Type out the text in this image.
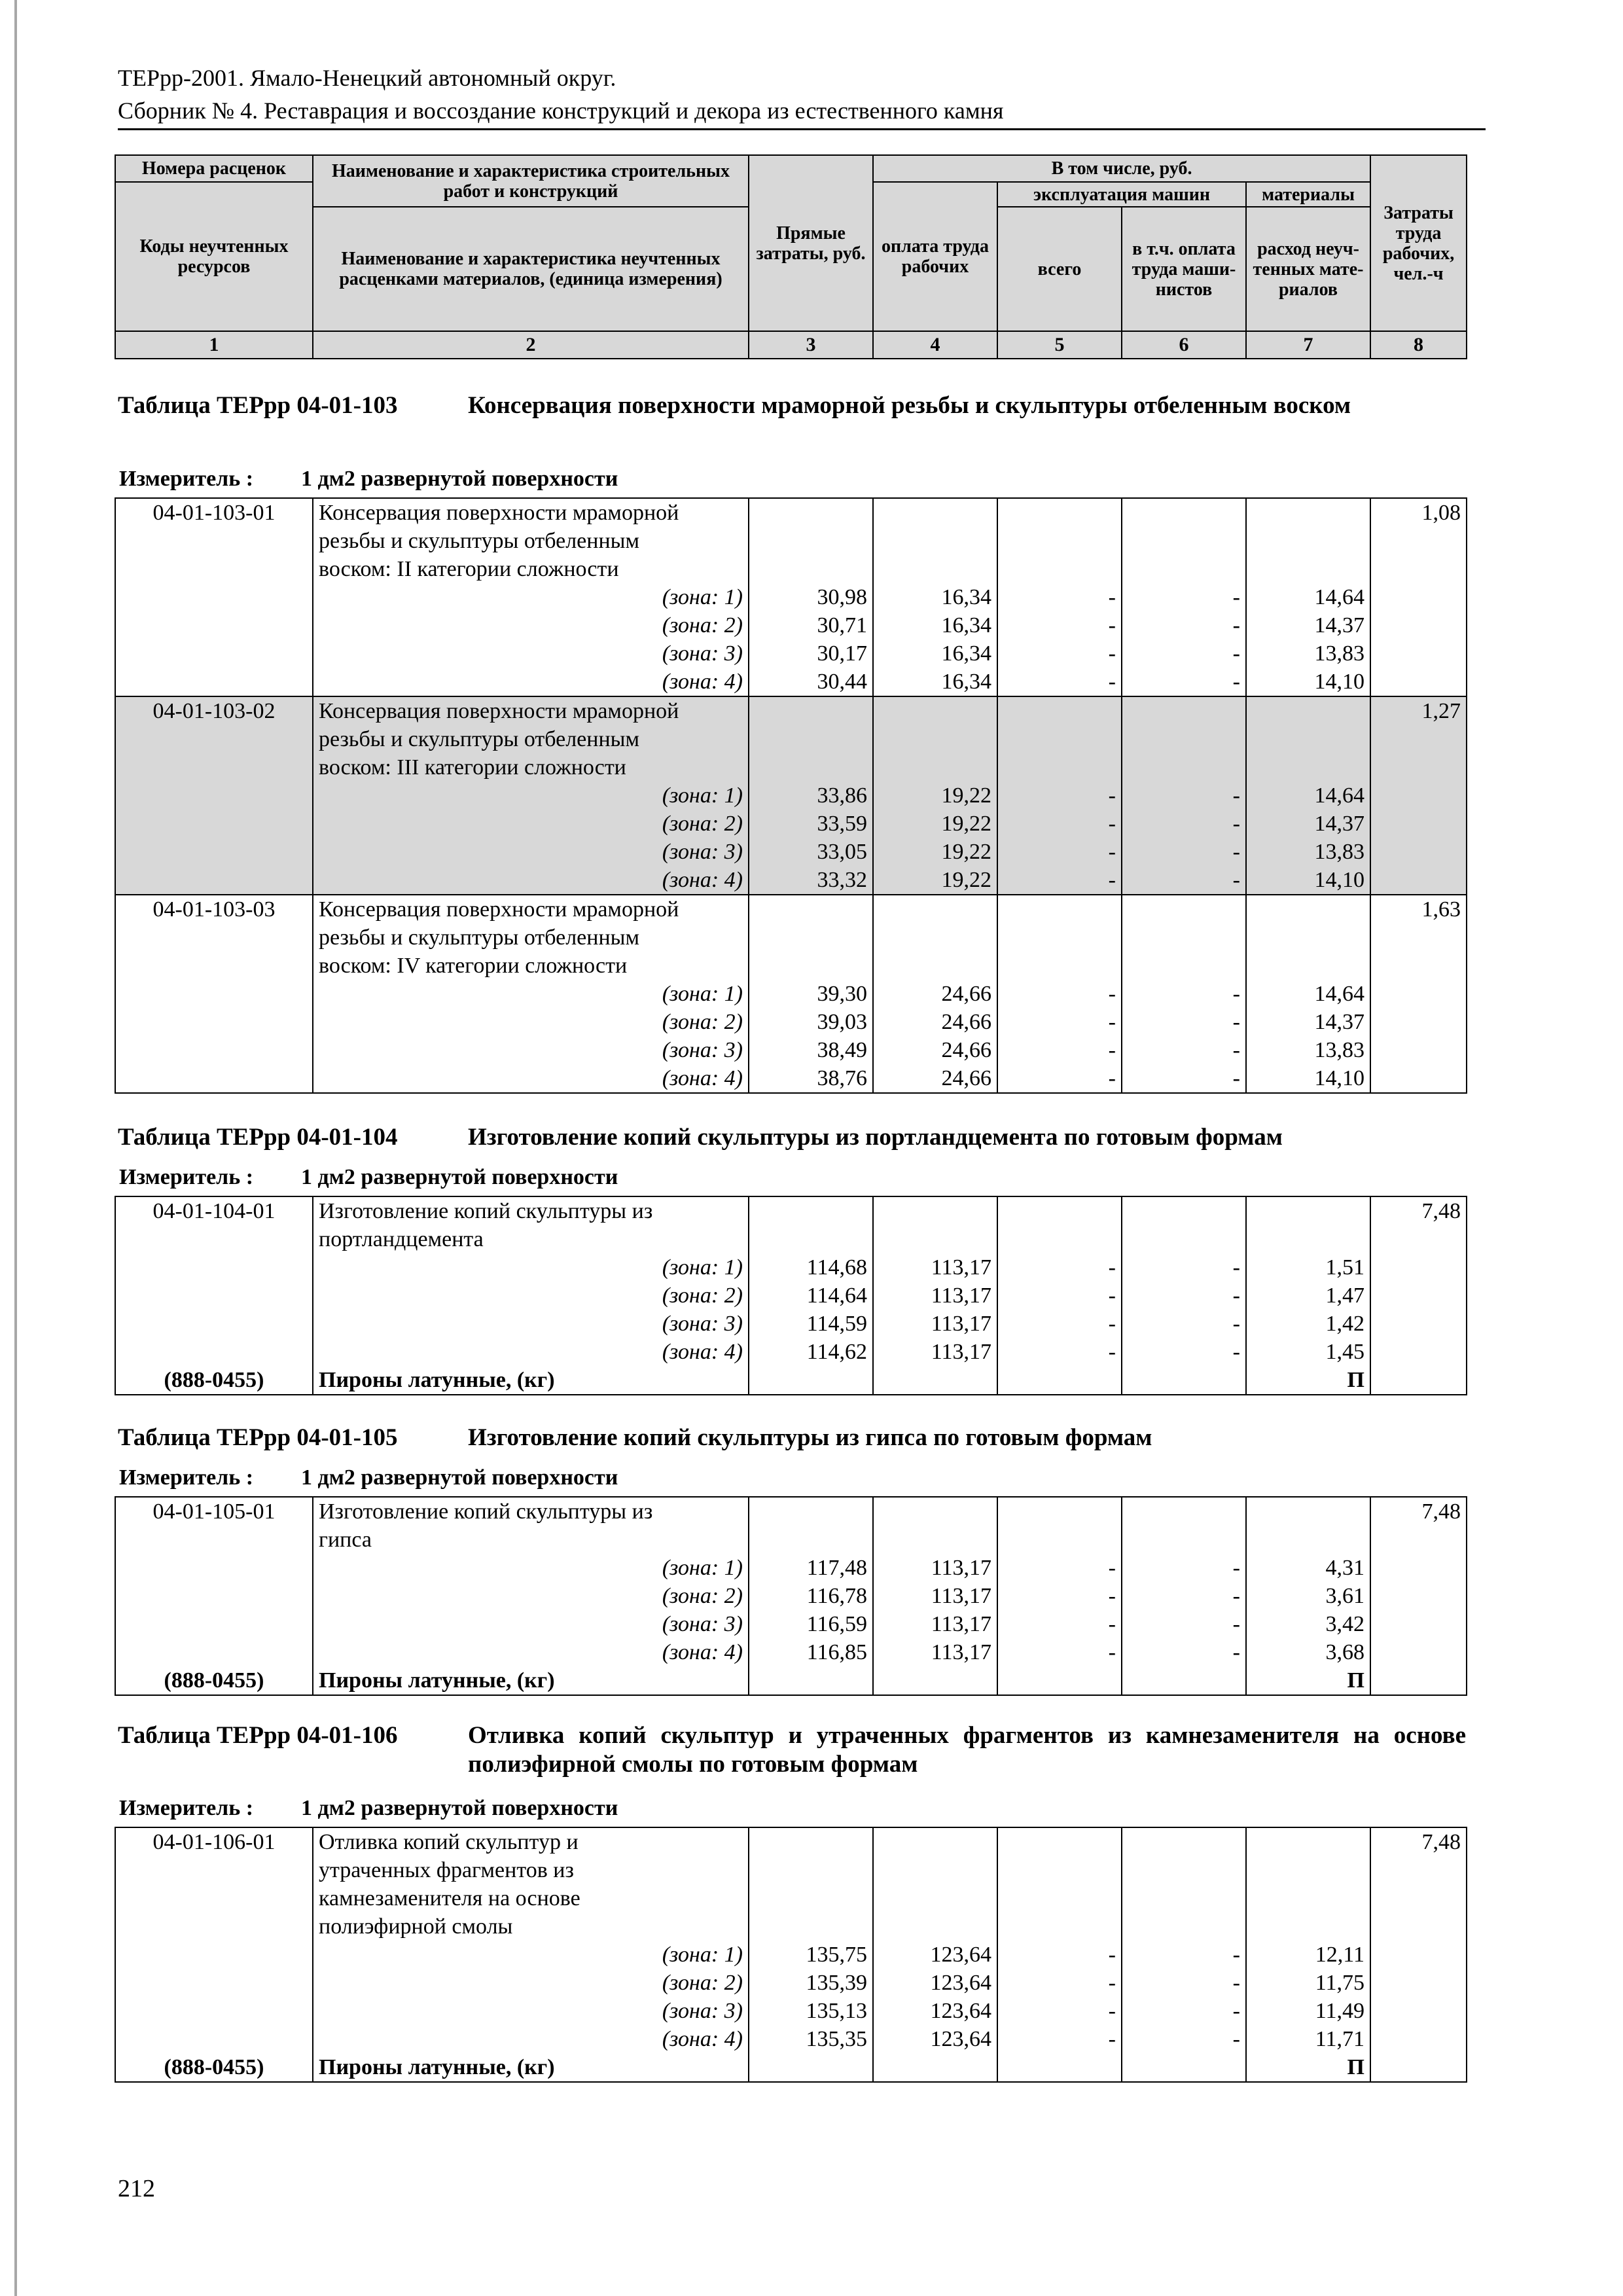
ТЕРрр-2001. Ямало-Ненецкий автономный округ.
Сборник № 4. Реставрация и воссоздание конструкций и декора из естественного камня
Номера расценок	Наименование и характеристика строительных работ и конструкций	Прямые затраты, руб.	В том числе, руб.				Затраты труда рабочих, чел.-ч
Коды неучтенных ресурсов			оплата труда рабочих	эксплуатация машин		материалы	
	Наименование и характеристика неучтенных расценками материалов, (единица измерения)			всего	в т.ч. оплата труда маши- нистов	расход неуч- тенных мате- риалов	

1	2	3	4	5	6	7	8
Таблица ТЕРрр 04-01-103	Консервация поверхности мраморной резьбы и скульптуры отбеленным воском
Измеритель : 1 дм2 развернутой поверхности
04-01-103-01	Консервация поверхности мраморной						1,08
	резьбы и скульптуры отбеленным						
	воском: II категории сложности						
	(зона: 1)	30,98	16,34	-	-	14,64	
	(зона: 2)	30,71	16,34	-	-	14,37	
	(зона: 3)	30,17	16,34	-	-	13,83	
	(зона: 4)	30,44	16,34	-	-	14,10	
04-01-103-02	Консервация поверхности мраморной						1,27
	резьбы и скульптуры отбеленным						
	воском: III категории сложности						
	(зона: 1)	33,86	19,22	-	-	14,64	
	(зона: 2)	33,59	19,22	-	-	14,37	
	(зона: 3)	33,05	19,22	-	-	13,83	
	(зона: 4)	33,32	19,22	-	-	14,10	
04-01-103-03	Консервация поверхности мраморной						1,63
	резьбы и скульптуры отбеленным						
	воском: IV категории сложности						
	(зона: 1)	39,30	24,66	-	-	14,64	
	(зона: 2)	39,03	24,66	-	-	14,37	
	(зона: 3)	38,49	24,66	-	-	13,83	
	(зона: 4)	38,76	24,66	-	-	14,10	
Таблица ТЕРрр 04-01-104	Изготовление копий скульптуры из портландцемента по готовым формам
Измеритель : 1 дм2 развернутой поверхности
04-01-104-01	Изготовление копий скульптуры из						7,48
	портландцемента						
	(зона: 1)	114,68	113,17	-	-	1,51	
	(зона: 2)	114,64	113,17	-	-	1,47	
	(зона: 3)	114,59	113,17	-	-	1,42	
	(зона: 4)	114,62	113,17	-	-	1,45	
(888-0455)	Пироны латунные, (кг)					П	
Таблица ТЕРрр 04-01-105	Изготовление копий скульптуры из гипса по готовым формам
Измеритель : 1 дм2 развернутой поверхности
04-01-105-01	Изготовление копий скульптуры из						7,48
	гипса						
	(зона: 1)	117,48	113,17	-	-	4,31	
	(зона: 2)	116,78	113,17	-	-	3,61	
	(зона: 3)	116,59	113,17	-	-	3,42	
	(зона: 4)	116,85	113,17	-	-	3,68	
(888-0455)	Пироны латунные, (кг)					П	
Таблица ТЕРрр 04-01-106	Отливка копий скульптур и утраченных фрагментов из камнезаменителя на основе полиэфирной смолы по готовым формам
Измеритель : 1 дм2 развернутой поверхности
04-01-106-01	Отливка копий скульптур и						7,48
	утраченных фрагментов из						
	камнезаменителя на основе						
	полиэфирной смолы						
	(зона: 1)	135,75	123,64	-	-	12,11	
	(зона: 2)	135,39	123,64	-	-	11,75	
	(зона: 3)	135,13	123,64	-	-	11,49	
	(зона: 4)	135,35	123,64	-	-	11,71	
(888-0455)	Пироны латунные, (кг)					П	
212
